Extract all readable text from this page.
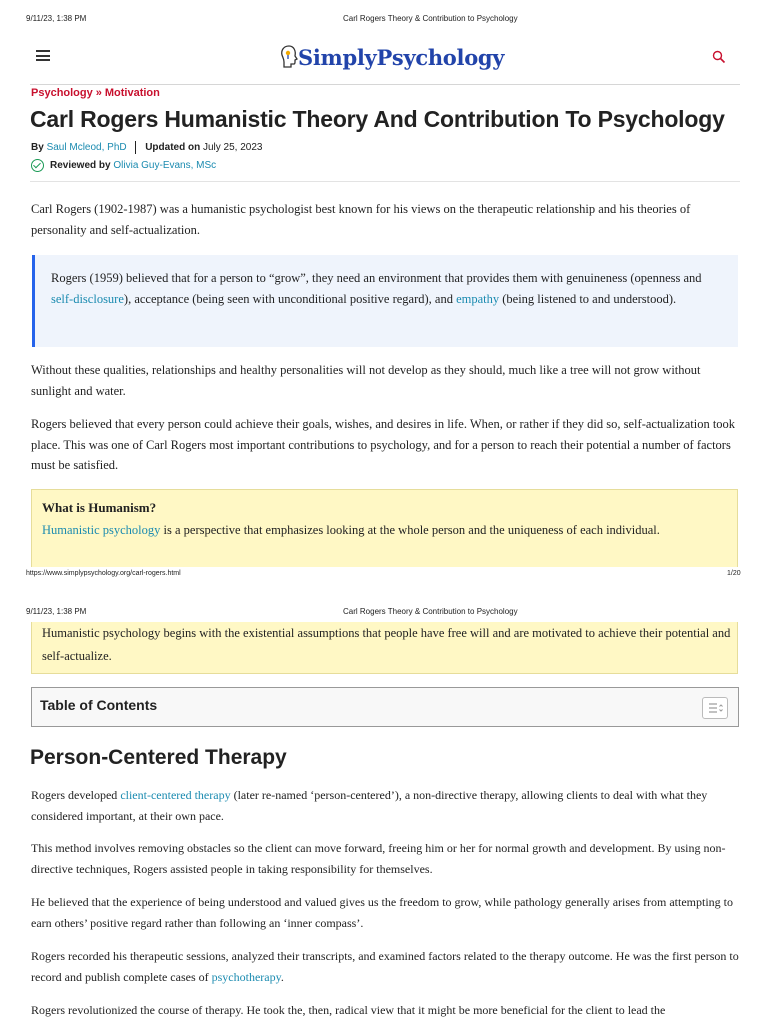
9/11/23, 1:38 PM	Carl Rogers Theory & Contribution to Psychology
Simply Psychology
Psychology » Motivation
Carl Rogers Humanistic Theory And Contribution To Psychology
By Saul Mcleod, PhD Updated on July 25, 2023
Reviewed by
Olivia Guy-Evans, MSc
Carl Rogers (1902-1987) was a humanistic psychologist best known for his views on the therapeutic relationship and his theories of personality and self-actualization.

Rogers (1959) believed that for a person to “grow”, they need an environment that provides them with genuineness (openness and self-disclosure), acceptance (being seen with unconditional positive regard), and empathy (being listened to and understood).

Without these qualities, relationships and healthy personalities will not develop as they should, much like a tree will not grow without sunlight and water.
Rogers believed that every person could achieve their goals, wishes, and desires in life. When, or rather if they did so, self-actualization took place. This was one of Carl Rogers most important contributions to psychology, and for a person to reach their potential a number of factors must be satisfied.
What is Humanism?

Humanistic psychology is a perspective that emphasizes looking at the whole person and the uniqueness of each individual.

https://www.simplypsychology.org/carl-rogers.html	1/20
9/11/23, 1:38 PM	Carl Rogers Theory & Contribution to Psychology

Humanistic psychology begins with the existential assumptions that people have free will and are motivated to achieve their potential and self-actualize.

Table of Contents
Person-Centered Therapy
Rogers developed client-centered therapy (later re-named ‘person-centered’), a non-directive therapy, allowing clients to deal with what they considered important, at their own pace.
This method involves removing obstacles so the client can move forward, freeing him or her for normal growth and development. By using non-directive techniques, Rogers assisted people in taking responsibility for themselves.
He believed that the experience of being understood and valued gives us the freedom to grow, while pathology generally arises from attempting to earn others’ positive regard rather than following an ‘inner compass’.
Rogers recorded his therapeutic sessions, analyzed their transcripts, and examined factors related to the therapy outcome. He was the first person to record and publish complete cases of psychotherapy.
Rogers revolutionized the course of therapy. He took the, then, radical view that it might be more beneficial for the client to lead the
